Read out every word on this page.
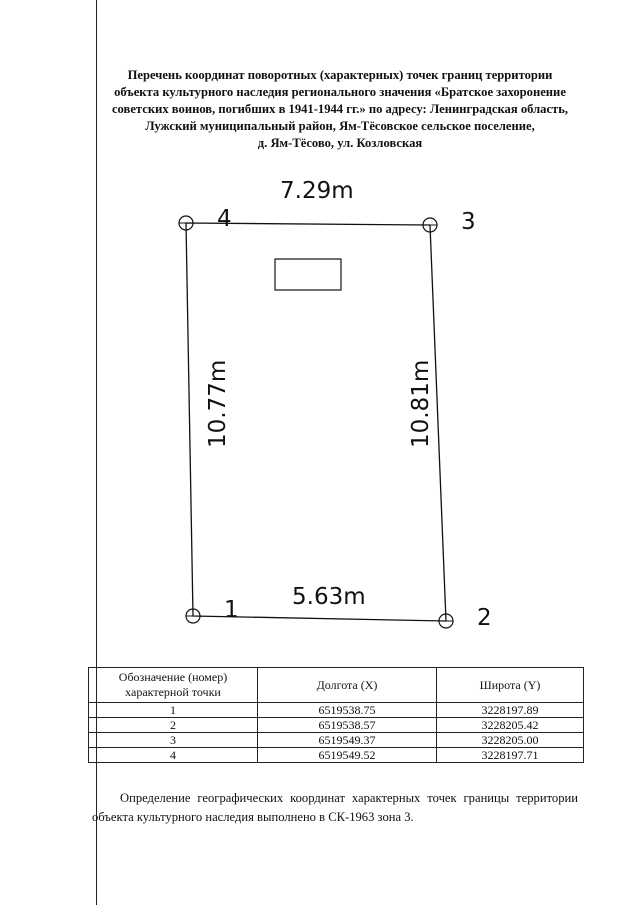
Перечень координат поворотных (характерных) точек границ территории
объекта культурного наследия регионального значения «Братское захоронение
советских воинов, погибших в 1941-1944 гг.» по адресу: Ленинградская область,
Лужский муниципальный район, Ям-Тёсовское сельское поселение,
д. Ям-Тёсово, ул. Козловская
4	3
2
1
7.29m
5.63m
10.77m	10.81m
Обозначение (номер) характерной точки	Долгота (X)	Широта (Y)
1	6519538.75	3228197.89
2	6519538.57	3228205.42
3	6519549.37	3228205.00
4	6519549.52	3228197.71
Определение географических координат характерных точек границы территории объекта культурного наследия выполнено в СК-1963 зона 3.
